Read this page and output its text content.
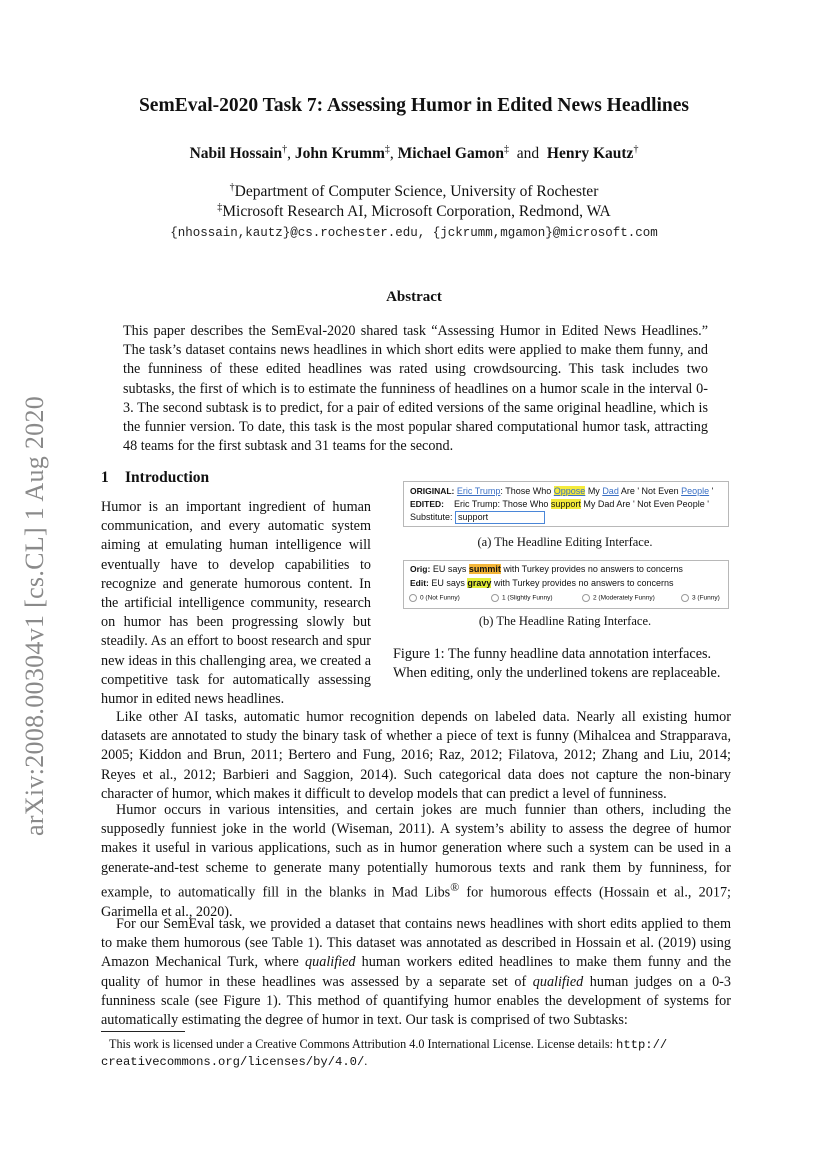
arXiv:2008.00304v1 [cs.CL] 1 Aug 2020
SemEval-2020 Task 7: Assessing Humor in Edited News Headlines
Nabil Hossain†, John Krumm‡, Michael Gamon‡ and Henry Kautz†
†Department of Computer Science, University of Rochester
‡Microsoft Research AI, Microsoft Corporation, Redmond, WA
{nhossain,kautz}@cs.rochester.edu, {jckrumm,mgamon}@microsoft.com
Abstract
This paper describes the SemEval-2020 shared task “Assessing Humor in Edited News Headlines.” The task’s dataset contains news headlines in which short edits were applied to make them funny, and the funniness of these edited headlines was rated using crowdsourcing. This task includes two subtasks, the first of which is to estimate the funniness of headlines on a humor scale in the interval 0-3. The second subtask is to predict, for a pair of edited versions of the same original headline, which is the funnier version. To date, this task is the most popular shared computational humor task, attracting 48 teams for the first subtask and 31 teams for the second.
1 Introduction
Humor is an important ingredient of human communication, and every automatic system aiming at emulating human intelligence will eventually have to develop capabilities to recognize and generate humorous content. In the artificial intelligence community, research on humor has been progressing slowly but steadily. As an effort to boost research and spur new ideas in this challenging area, we created a competitive task for automatically assessing humor in edited news headlines.
ORIGINAL: Eric Trump: Those Who Oppose My Dad Are ' Not Even People '
EDITED: Eric Trump: Those Who support My Dad Are ' Not Even People '
Substitute: support
(a) The Headline Editing Interface.
Orig: EU says summit with Turkey provides no answers to concerns
Edit: EU says gravy with Turkey provides no answers to concerns
0 (Not Funny)	1 (Slightly Funny)	2 (Moderately Funny)	3 (Funny)
(b) The Headline Rating Interface.
Figure 1: The funny headline data annotation interfaces. When editing, only the underlined tokens are replaceable.
Like other AI tasks, automatic humor recognition depends on labeled data. Nearly all existing humor datasets are annotated to study the binary task of whether a piece of text is funny (Mihalcea and Strapparava, 2005; Kiddon and Brun, 2011; Bertero and Fung, 2016; Raz, 2012; Filatova, 2012; Zhang and Liu, 2014; Reyes et al., 2012; Barbieri and Saggion, 2014). Such categorical data does not capture the non-binary character of humor, which makes it difficult to develop models that can predict a level of funniness.
Humor occurs in various intensities, and certain jokes are much funnier than others, including the supposedly funniest joke in the world (Wiseman, 2011). A system’s ability to assess the degree of humor makes it useful in various applications, such as in humor generation where such a system can be used in a generate-and-test scheme to generate many potentially humorous texts and rank them by funniness, for example, to automatically fill in the blanks in Mad Libs® for humorous effects (Hossain et al., 2017; Garimella et al., 2020).
For our SemEval task, we provided a dataset that contains news headlines with short edits applied to them to make them humorous (see Table 1). This dataset was annotated as described in Hossain et al. (2019) using Amazon Mechanical Turk, where qualified human workers edited headlines to make them funny and the quality of humor in these headlines was assessed by a separate set of qualified human judges on a 0-3 funniness scale (see Figure 1). This method of quantifying humor enables the development of systems for automatically estimating the degree of humor in text. Our task is comprised of two Subtasks:
This work is licensed under a Creative Commons Attribution 4.0 International License. License details: http://
creativecommons.org/licenses/by/4.0/.
